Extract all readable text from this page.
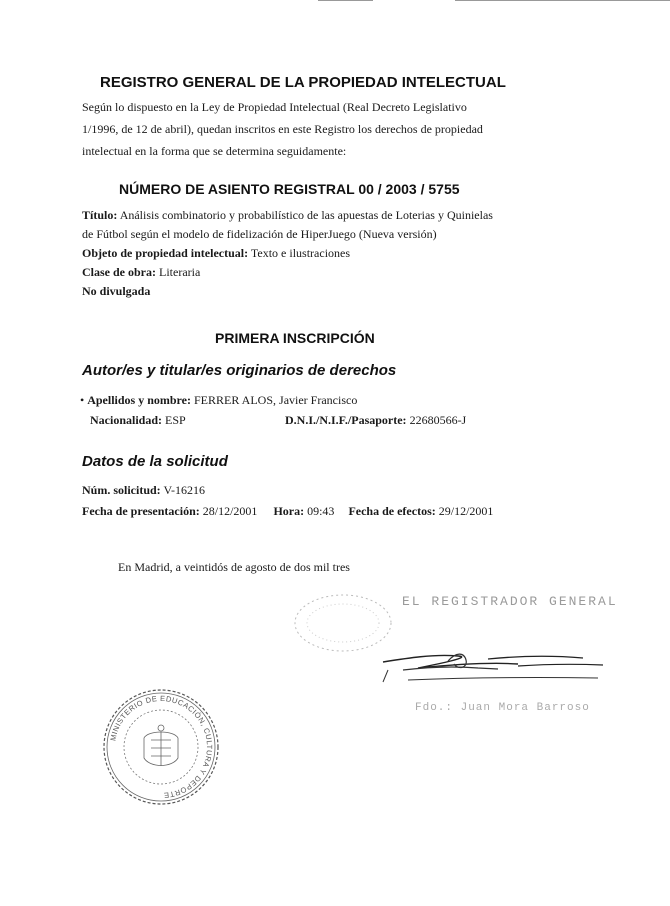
REGISTRO GENERAL DE LA PROPIEDAD INTELECTUAL
Según lo dispuesto en la Ley de Propiedad Intelectual (Real Decreto Legislativo
1/1996, de 12 de abril), quedan inscritos en este Registro los derechos de propiedad
intelectual en la forma que se determina seguidamente:
NÚMERO DE ASIENTO REGISTRAL 00 / 2003 / 5755
Título: Análisis combinatorio y probabilístico de las apuestas de Loterias y Quinielas
de Fútbol según el modelo de fidelización de HiperJuego (Nueva versión)
Objeto de propiedad intelectual: Texto e ilustraciones
Clase de obra: Literaria
No divulgada
PRIMERA INSCRIPCIÓN
Autor/es y titular/es originarios de derechos
• Apellidos y nombre: FERRER ALOS, Javier Francisco
Nacionalidad: ESP	D.N.I./N.I.F./Pasaporte: 22680566-J
Datos de la solicitud
Núm. solicitud: V-16216
Fecha de presentación: 28/12/2001 Hora: 09:43 Fecha de efectos: 29/12/2001
En Madrid, a veintidós de agosto de dos mil tres
EL REGISTRADOR GENERAL
Fdo.: Juan Mora Barroso
MINISTERIO DE EDUCACIÓN, CULTURA Y DEPORTE
